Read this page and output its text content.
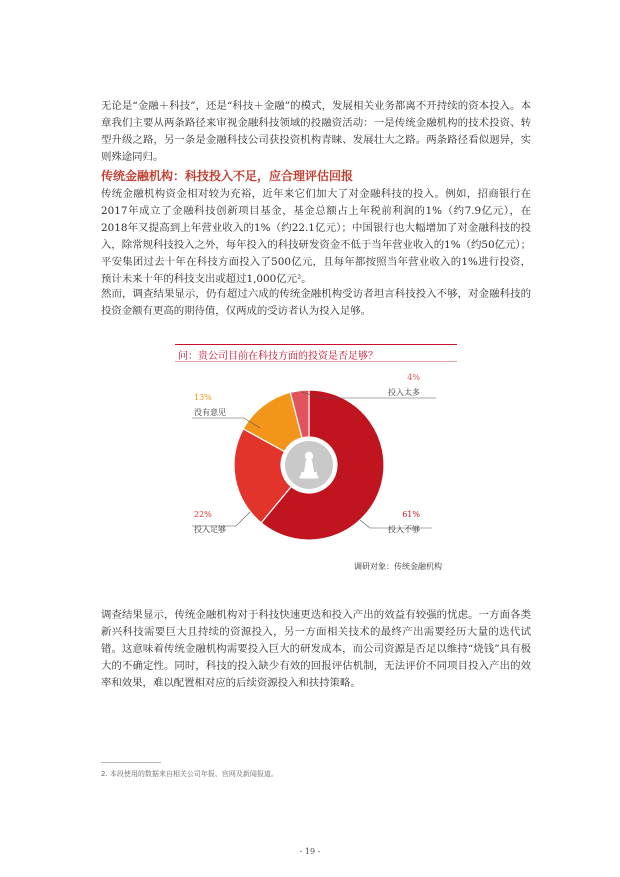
无论是“金融＋科技”，还是“科技＋金融”的模式，发展相关业务都离不开持续的资本投入。本章我们主要从两条路径来审视金融科技领域的投融资活动：一是传统金融机构的技术投资、转型升级之路，另一条是金融科技公司获投资机构青睐、发展壮大之路。两条路径看似迥异，实则殊途同归。

传统金融机构：科技投入不足，应合理评估回报

传统金融机构资金相对较为充裕，近年来它们加大了对金融科技的投入。例如，招商银行在2017年成立了金融科技创新项目基金，基金总额占上年税前利润的1%（约7.9亿元），在2018年又提高到上年营业收入的1%（约22.1亿元）；中国银行也大幅增加了对金融科技的投入，除常规科技投入之外，每年投入的科技研发资金不低于当年营业收入的1%（约50亿元）；平安集团过去十年在科技方面投入了500亿元，且每年都按照当年营业收入的1%进行投资，预计未来十年的科技支出或超过1,000亿元²。

然而，调查结果显示，仍有超过六成的传统金融机构受访者坦言科技投入不够，对金融科技的投资金额有更高的期待值，仅两成的受访者认为投入足够。

问：贵公司目前在科技方面的投资是否足够？
61%
投入不够
22%
投入足够
13%
没有意见
4%
投入太多
调研对象：传统金融机构

调查结果显示，传统金融机构对于科技快速更迭和投入产出的效益有较强的忧虑。一方面各类新兴科技需要巨大且持续的资源投入，另一方面相关技术的最终产出需要经历大量的迭代试错。这意味着传统金融机构需要投入巨大的研发成本，而公司资源是否足以维持“烧钱”具有极大的不确定性。同时，科技的投入缺少有效的回报评估机制，无法评价不同项目投入产出的效率和效果，难以配置相对应的后续资源投入和扶持策略。

2. 本段使用的数据来自相关公司年报、官网及新闻报道。
- 19 -
